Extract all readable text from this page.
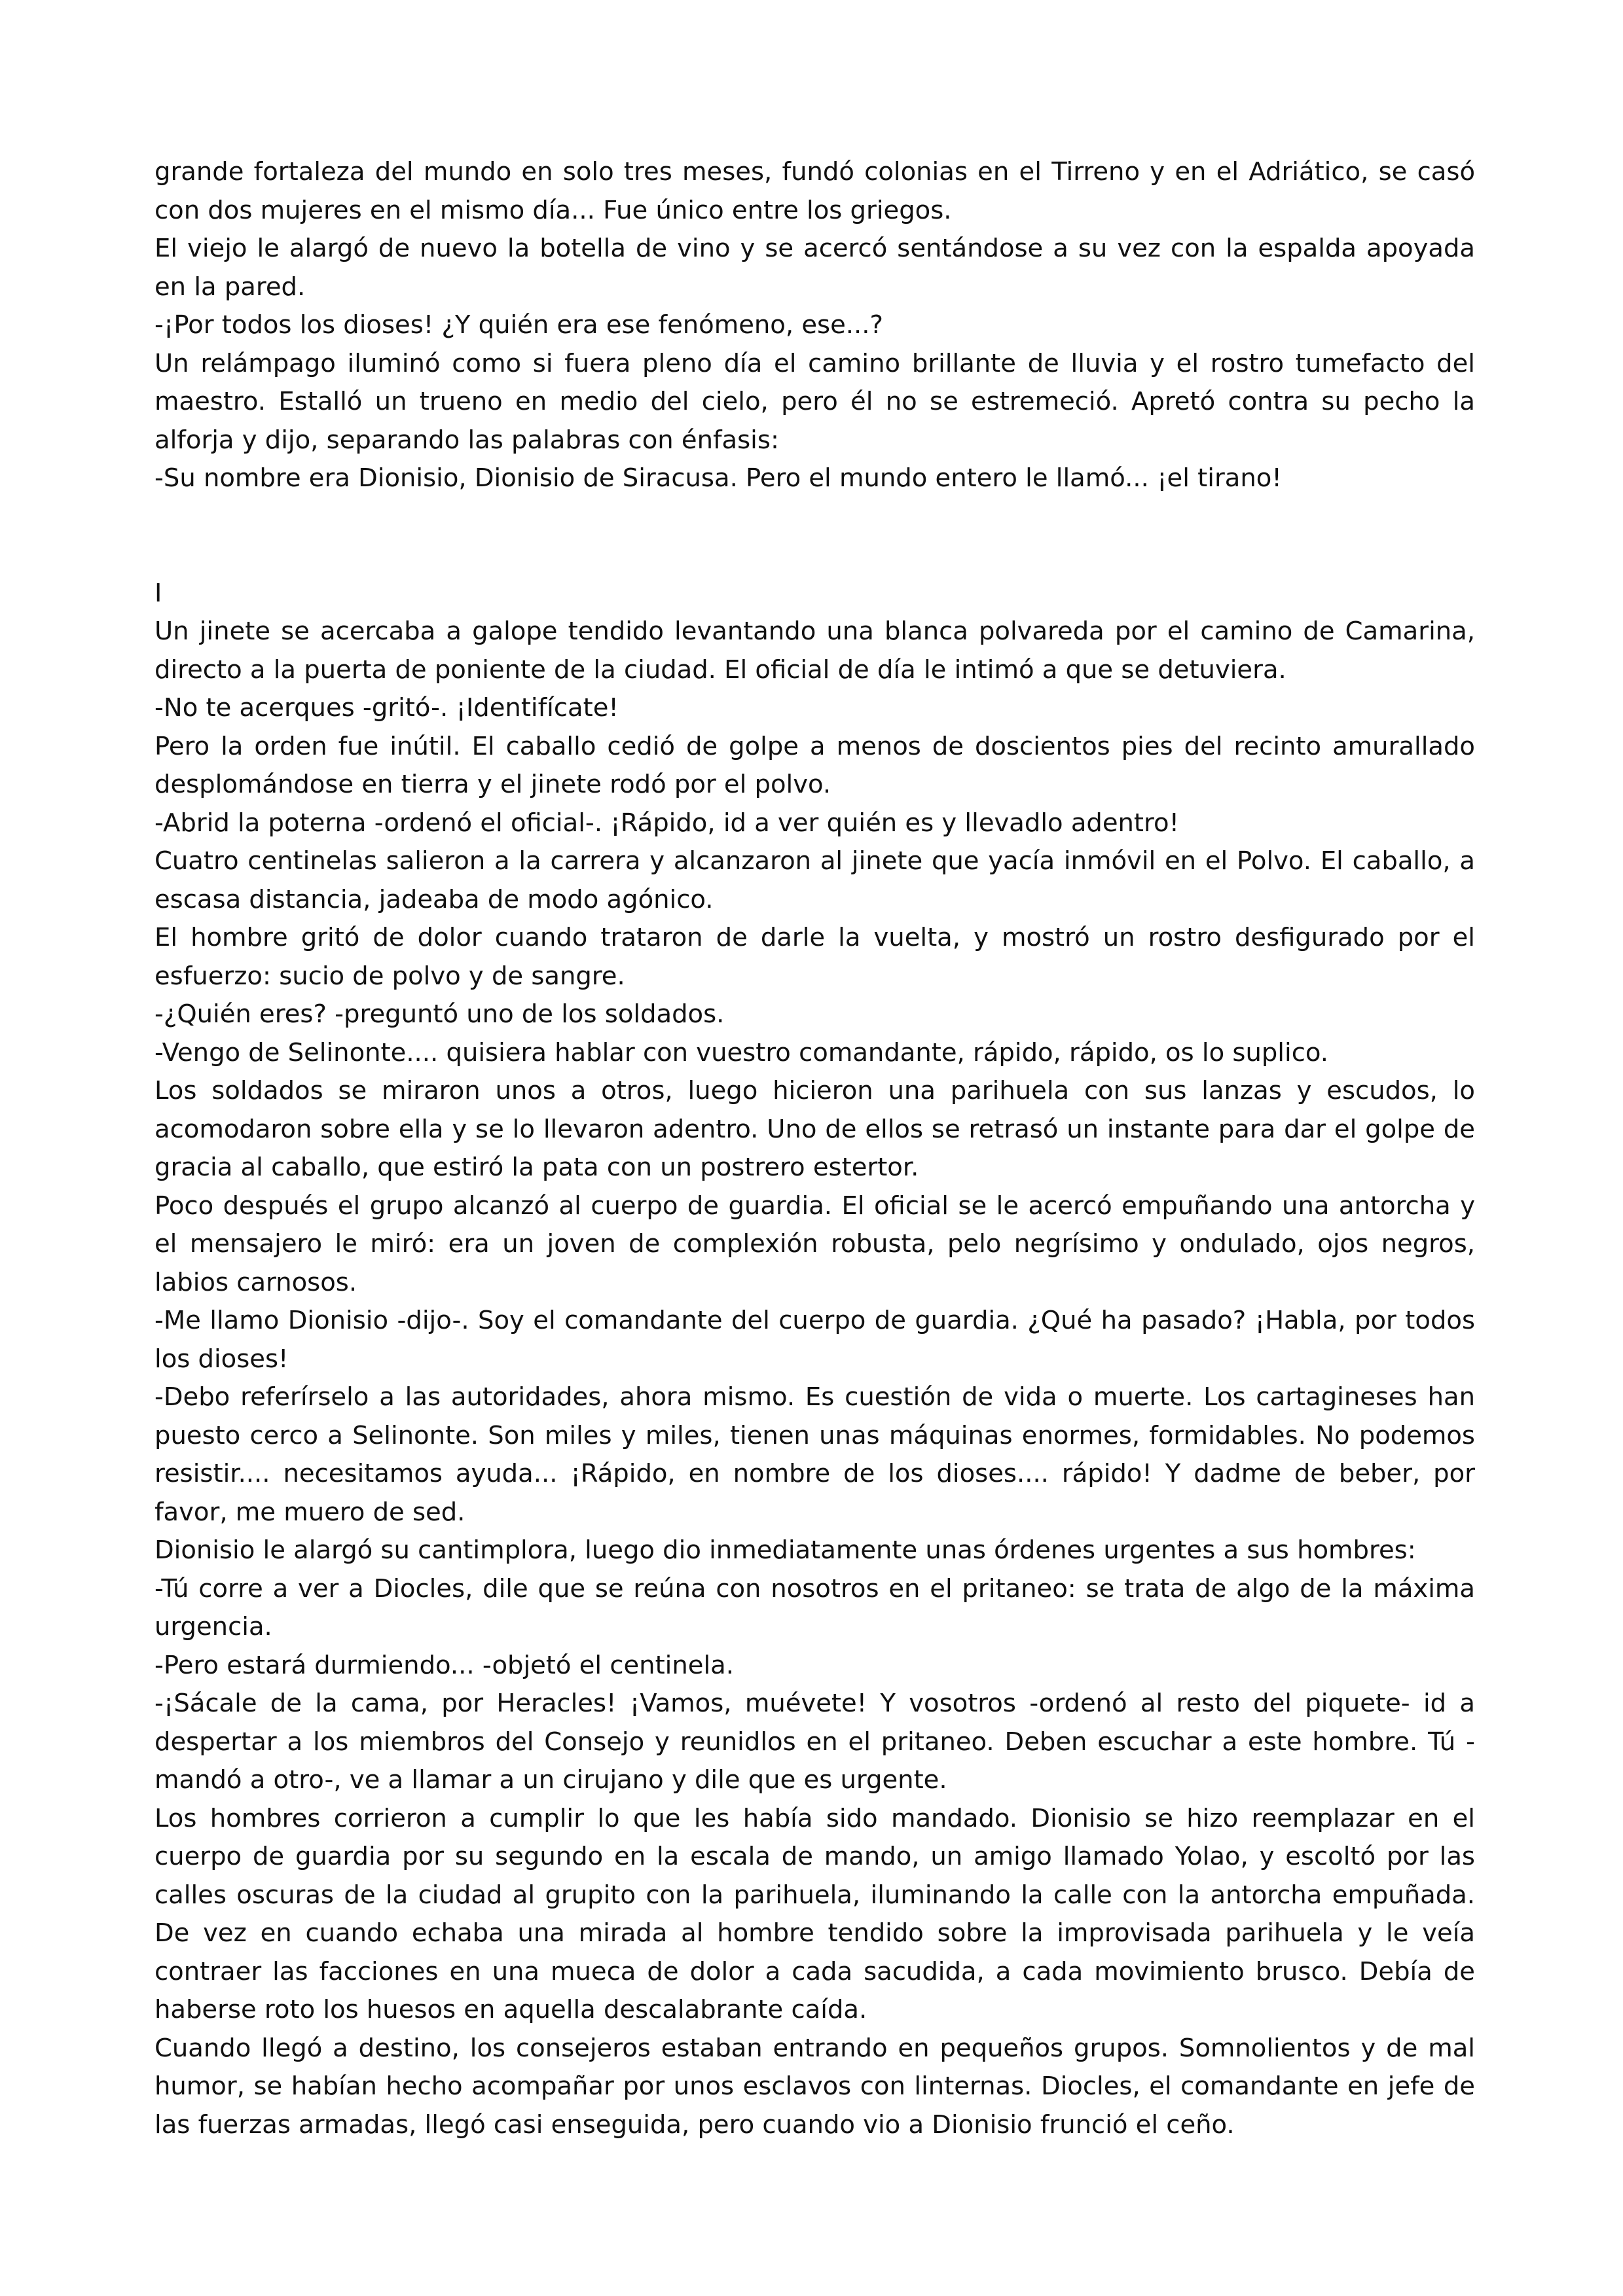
grande fortaleza del mundo en solo tres meses, fundó colonias en el Tirreno y en el Adriático, se casó con dos mujeres en el mismo día... Fue único entre los griegos.

El viejo le alargó de nuevo la botella de vino y se acercó sentándose a su vez con la espalda apoyada en la pared.

-¡Por todos los dioses! ¿Y quién era ese fenómeno, ese...?

Un relámpago iluminó como si fuera pleno día el camino brillante de lluvia y el rostro tumefacto del maestro. Estalló un trueno en medio del cielo, pero él no se estremeció. Apretó contra su pecho la alforja y dijo, separando las palabras con énfasis:

-Su nombre era Dionisio, Dionisio de Siracusa. Pero el mundo entero le llamó... ¡el tirano!

I

Un jinete se acercaba a galope tendido levantando una blanca polvareda por el camino de Camarina, directo a la puerta de poniente de la ciudad. El oficial de día le intimó a que se detuviera.

-No te acerques -gritó-. ¡Identifícate!

Pero la orden fue inútil. El caballo cedió de golpe a menos de doscientos pies del recinto amurallado desplomándose en tierra y el jinete rodó por el polvo.

-Abrid la poterna -ordenó el oficial-. ¡Rápido, id a ver quién es y llevadlo adentro!

Cuatro centinelas salieron a la carrera y alcanzaron al jinete que yacía inmóvil en el Polvo. El caballo, a escasa distancia, jadeaba de modo agónico.

El hombre gritó de dolor cuando trataron de darle la vuelta, y mostró un rostro desfigurado por el esfuerzo: sucio de polvo y de sangre.

-¿Quién eres? -preguntó uno de los soldados.

-Vengo de Selinonte.... quisiera hablar con vuestro comandante, rápido, rápido, os lo suplico.

Los soldados se miraron unos a otros, luego hicieron una parihuela con sus lanzas y escudos, lo acomodaron sobre ella y se lo llevaron adentro. Uno de ellos se retrasó un instante para dar el golpe de gracia al caballo, que estiró la pata con un postrero estertor.

Poco después el grupo alcanzó al cuerpo de guardia. El oficial se le acercó empuñando una antorcha y el mensajero le miró: era un joven de complexión robusta, pelo negrísimo y ondulado, ojos negros, labios carnosos.

-Me llamo Dionisio -dijo-. Soy el comandante del cuerpo de guardia. ¿Qué ha pasado? ¡Habla, por todos los dioses!

-Debo referírselo a las autoridades, ahora mismo. Es cuestión de vida o muerte. Los cartagineses han puesto cerco a Selinonte. Son miles y miles, tienen unas máquinas enormes, formidables. No podemos resistir.... necesitamos ayuda... ¡Rápido, en nombre de los dioses.... rápido! Y dadme de beber, por favor, me muero de sed.

Dionisio le alargó su cantimplora, luego dio inmediatamente unas órdenes urgentes a sus hombres:

-Tú corre a ver a Diocles, dile que se reúna con nosotros en el pritaneo: se trata de algo de la máxima urgencia.

-Pero estará durmiendo... -objetó el centinela.

-¡Sácale de la cama, por Heracles! ¡Vamos, muévete! Y vosotros -ordenó al resto del piquete- id a despertar a los miembros del Consejo y reunidlos en el pritaneo. Deben escuchar a este hombre. Tú - mandó a otro-, ve a llamar a un cirujano y dile que es urgente.

Los hombres corrieron a cumplir lo que les había sido mandado. Dionisio se hizo reemplazar en el cuerpo de guardia por su segundo en la escala de mando, un amigo llamado Yolao, y escoltó por las calles oscuras de la ciudad al grupito con la parihuela, iluminando la calle con la antorcha empuñada. De vez en cuando echaba una mirada al hombre tendido sobre la improvisada parihuela y le veía contraer las facciones en una mueca de dolor a cada sacudida, a cada movimiento brusco. Debía de haberse roto los huesos en aquella descalabrante caída.

Cuando llegó a destino, los consejeros estaban entrando en pequeños grupos. Somnolientos y de mal humor, se habían hecho acompañar por unos esclavos con linternas. Diocles, el comandante en jefe de las fuerzas armadas, llegó casi enseguida, pero cuando vio a Dionisio frunció el ceño.
